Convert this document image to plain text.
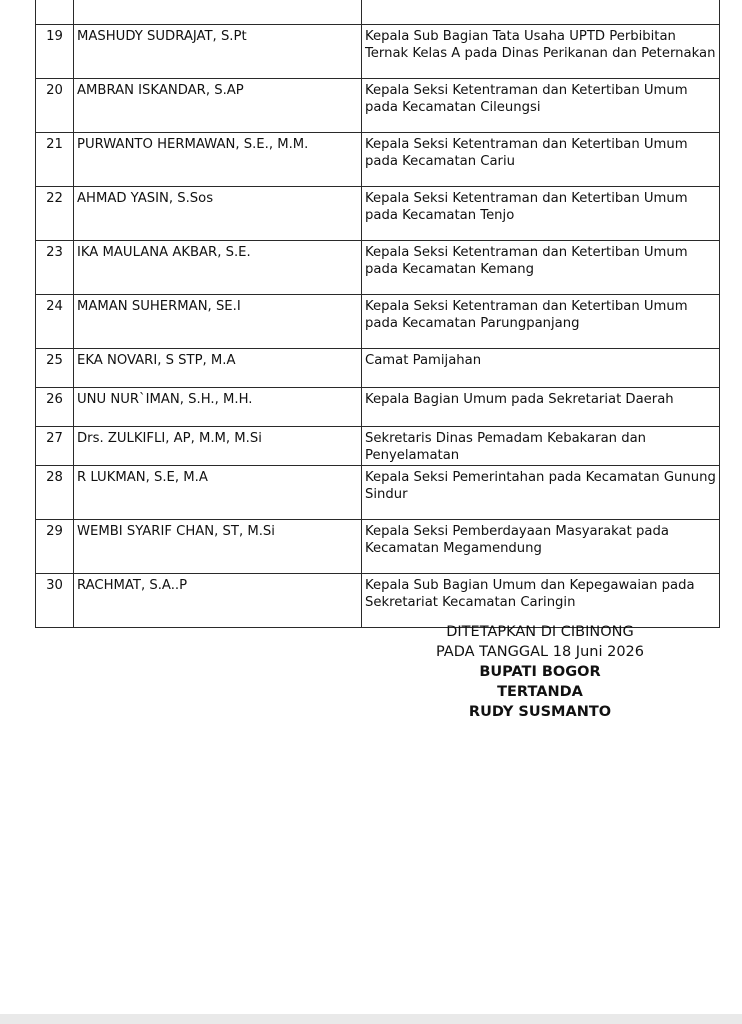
19	MASHUDY SUDRAJAT, S.Pt	Kepala Sub Bagian Tata Usaha UPTD Perbibitan Ternak Kelas A pada Dinas Perikanan dan Peternakan
20	AMBRAN ISKANDAR, S.AP	Kepala Seksi Ketentraman dan Ketertiban Umum pada Kecamatan Cileungsi
21	PURWANTO HERMAWAN, S.E., M.M.	Kepala Seksi Ketentraman dan Ketertiban Umum pada Kecamatan Cariu
22	AHMAD YASIN, S.Sos	Kepala Seksi Ketentraman dan Ketertiban Umum pada Kecamatan Tenjo
23	IKA MAULANA AKBAR, S.E.	Kepala Seksi Ketentraman dan Ketertiban Umum pada Kecamatan Kemang
24	MAMAN SUHERMAN, SE.I	Kepala Seksi Ketentraman dan Ketertiban Umum pada Kecamatan Parungpanjang
25	EKA NOVARI, S STP, M.A	Camat Pamijahan
26	UNU NUR`IMAN, S.H., M.H.	Kepala Bagian Umum pada Sekretariat Daerah
27	Drs. ZULKIFLI, AP, M.M, M.Si	Sekretaris Dinas Pemadam Kebakaran dan Penyelamatan
28	R LUKMAN, S.E, M.A	Kepala Seksi Pemerintahan pada Kecamatan Gunung Sindur
29	WEMBI SYARIF CHAN, ST, M.Si	Kepala Seksi Pemberdayaan Masyarakat pada Kecamatan Megamendung
30	RACHMAT, S.A..P	Kepala Sub Bagian Umum dan Kepegawaian pada Sekretariat Kecamatan Caringin
DITETAPKAN DI CIBINONG
PADA TANGGAL 18 Juni 2026
BUPATI BOGOR
TERTANDA
RUDY SUSMANTO
